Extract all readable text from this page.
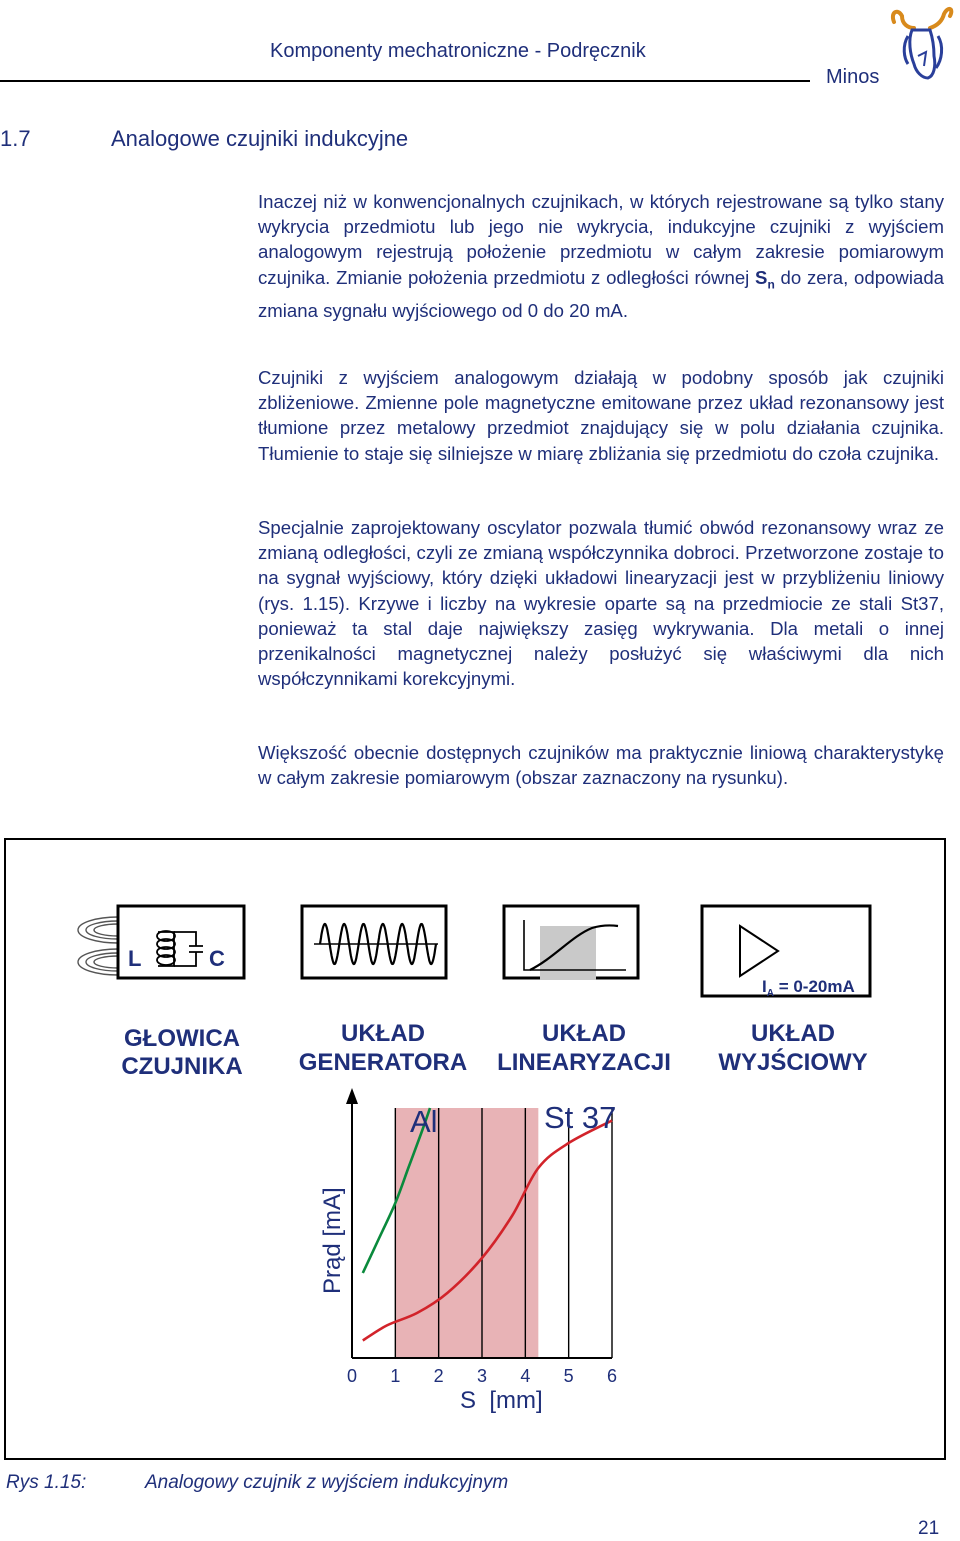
Komponenty mechatroniczne - Podręcznik
Minos
1.7	Analogowe czujniki indukcyjne

Inaczej niż w konwencjonalnych czujnikach, w których rejestrowane są tylko stany wykrycia przedmiotu lub jego nie wykrycia, indukcyjne czujniki z wyjściem analogowym rejestrują położenie przedmiotu w całym zakresie pomiarowym czujnika. Zmianie położenia przedmiotu z odległości równej $S_n$ do zera, odpowiada zmiana sygnału wyjściowego od 0 do 20 mA.

Czujniki z wyjściem analogowym działają w podobny sposób jak czujniki zbliżeniowe. Zmienne pole magnetyczne emitowane przez układ rezonansowy jest tłumione przez metalowy przedmiot znajdujący się w polu działania czujnika. Tłumienie to staje się silniejsze w miarę zbliżania się przedmiotu do czoła czujnika.

Specjalnie zaprojektowany oscylator pozwala tłumić obwód rezonansowy wraz ze zmianą odległości, czyli ze zmianą współczynnika dobroci. Przetworzone zostaje to na sygnał wyjściowy, który dzięki układowi linearyzacji jest w przybliżeniu liniowy (rys. 1.15). Krzywe i liczby na wykresie oparte są na przedmiocie ze stali St37, ponieważ ta stal daje największy zasięg wykrywania. Dla metali o innej przenikalności magnetycznej należy posłużyć się właściwymi dla nich współczynnikami korekcyjnymi.

Większość obecnie dostępnych czujników ma praktycznie liniową charakterystykę w całym zakresie pomiarowym (obszar zaznaczony na rysunku).

L	C
$I_A = 0-20mA$
GŁOWICA
CZUJNIKA
UKŁAD
GENERATORA
UKŁAD
LINEARYZACJI
UKŁAD
WYJŚCIOWY
Al	St 37
0 1 2 3 4 5 6
S  [mm]
Prąd [mA]
Rys 1.15:	Analogowy czujnik z wyjściem indukcyjnym
21
